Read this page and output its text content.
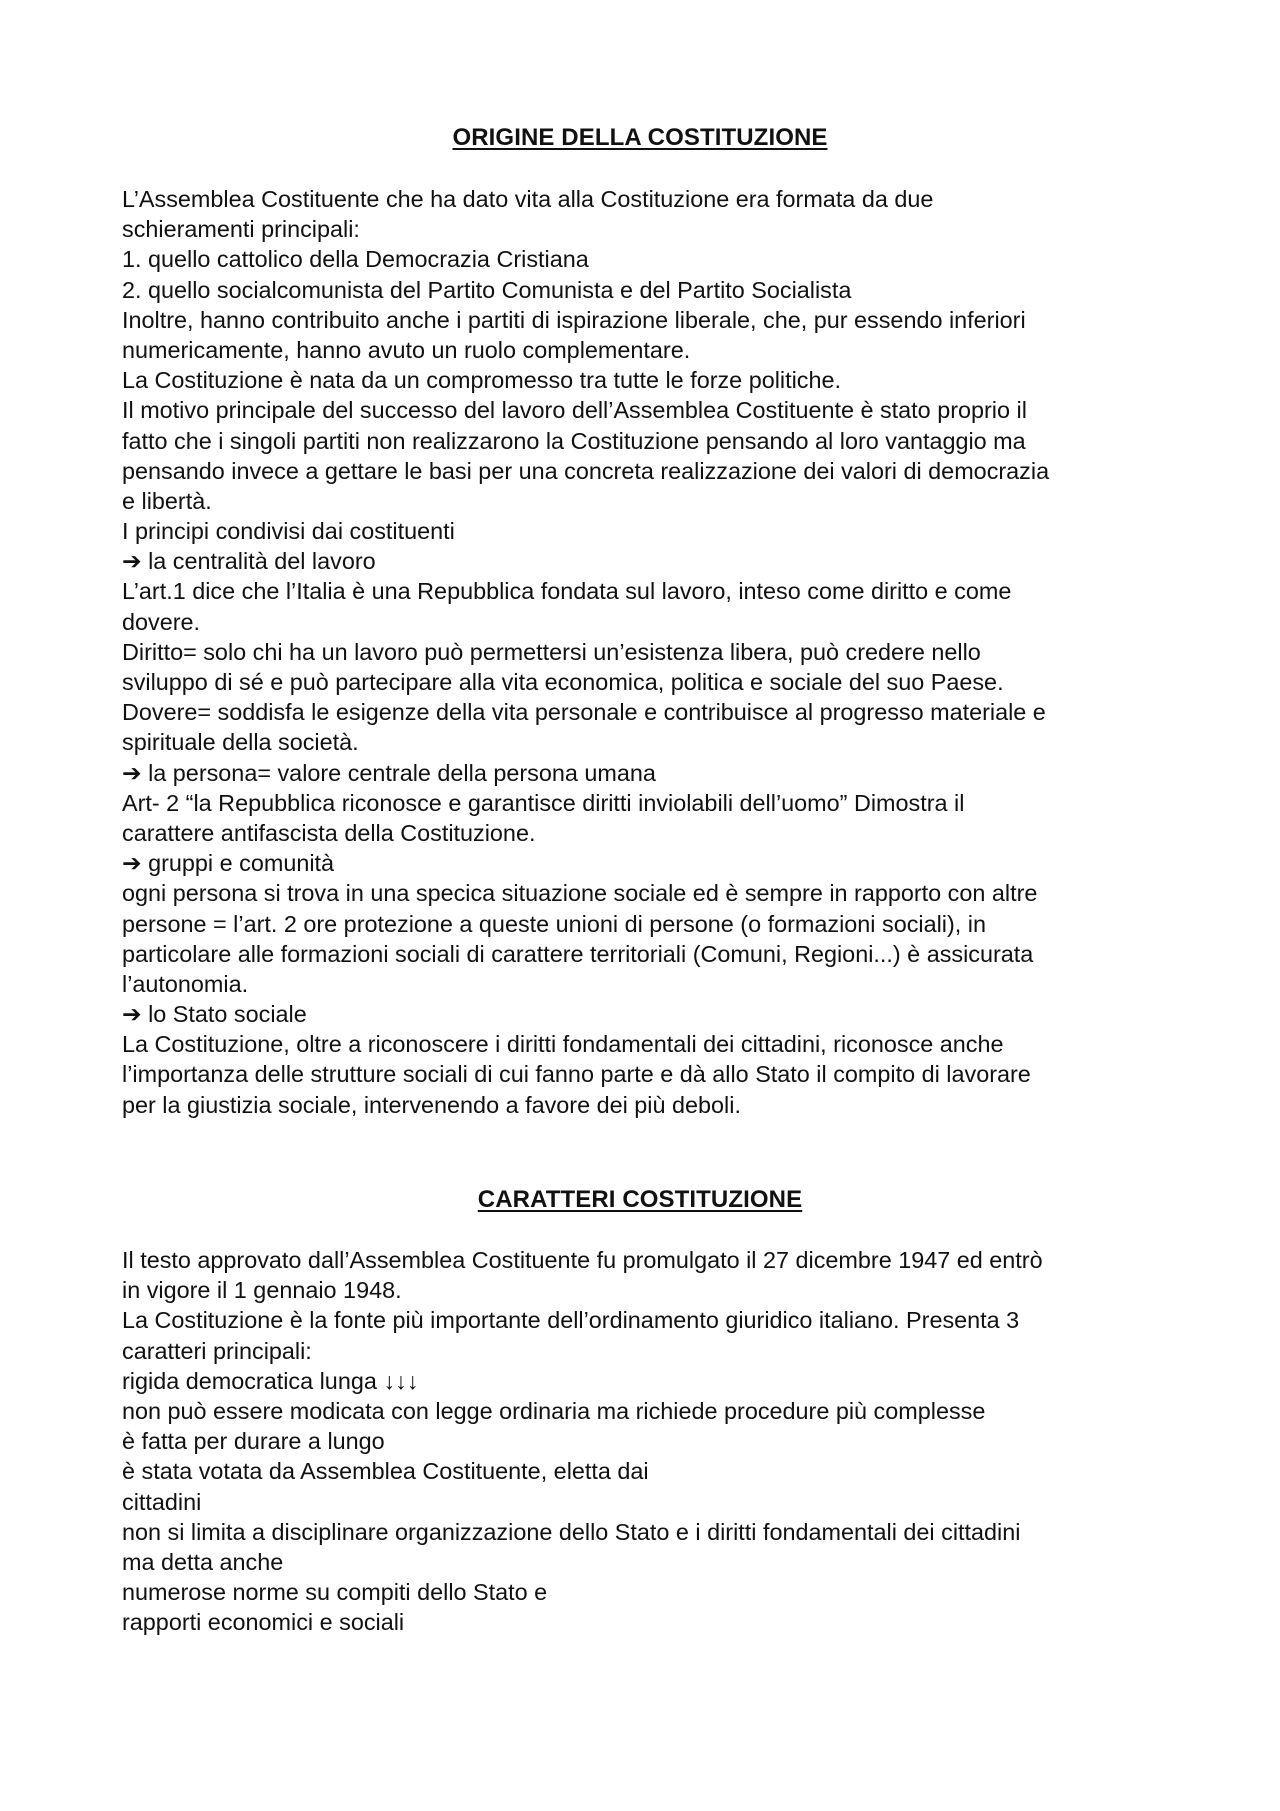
ORIGINE DELLA COSTITUZIONE
L’Assemblea Costituente che ha dato vita alla Costituzione era formata da due
schieramenti principali:
1. quello cattolico della Democrazia Cristiana
2. quello socialcomunista del Partito Comunista e del Partito Socialista
Inoltre, hanno contribuito anche i partiti di ispirazione liberale, che, pur essendo inferiori
numericamente, hanno avuto un ruolo complementare.
La Costituzione è nata da un compromesso tra tutte le forze politiche.
Il motivo principale del successo del lavoro dell’Assemblea Costituente è stato proprio il
fatto che i singoli partiti non realizzarono la Costituzione pensando al loro vantaggio ma
pensando invece a gettare le basi per una concreta realizzazione dei valori di democrazia
e libertà.
I principi condivisi dai costituenti
➔ la centralità del lavoro
L’art.1 dice che l’Italia è una Repubblica fondata sul lavoro, inteso come diritto e come
dovere.
Diritto= solo chi ha un lavoro può permettersi un’esistenza libera, può credere nello
sviluppo di sé e può partecipare alla vita economica, politica e sociale del suo Paese.
Dovere= soddisfa le esigenze della vita personale e contribuisce al progresso materiale e
spirituale della società.
➔ la persona= valore centrale della persona umana
Art- 2 “la Repubblica riconosce e garantisce diritti inviolabili dell’uomo” Dimostra il
carattere antifascista della Costituzione.
➔ gruppi e comunità
ogni persona si trova in una specica situazione sociale ed è sempre in rapporto con altre
persone = l’art. 2 ore protezione a queste unioni di persone (o formazioni sociali), in
particolare alle formazioni sociali di carattere territoriali (Comuni, Regioni...) è assicurata
l’autonomia.
➔ lo Stato sociale
La Costituzione, oltre a riconoscere i diritti fondamentali dei cittadini, riconosce anche
l’importanza delle strutture sociali di cui fanno parte e dà allo Stato il compito di lavorare
per la giustizia sociale, intervenendo a favore dei più deboli.
CARATTERI COSTITUZIONE
Il testo approvato dall’Assemblea Costituente fu promulgato il 27 dicembre 1947 ed entrò
in vigore il 1 gennaio 1948.
La Costituzione è la fonte più importante dell’ordinamento giuridico italiano. Presenta 3
caratteri principali:
rigida democratica lunga ↓↓↓
non può essere modicata con legge ordinaria ma richiede procedure più complesse
è fatta per durare a lungo
è stata votata da Assemblea Costituente, eletta dai
cittadini
non si limita a disciplinare organizzazione dello Stato e i diritti fondamentali dei cittadini
ma detta anche
numerose norme su compiti dello Stato e
rapporti economici e sociali
